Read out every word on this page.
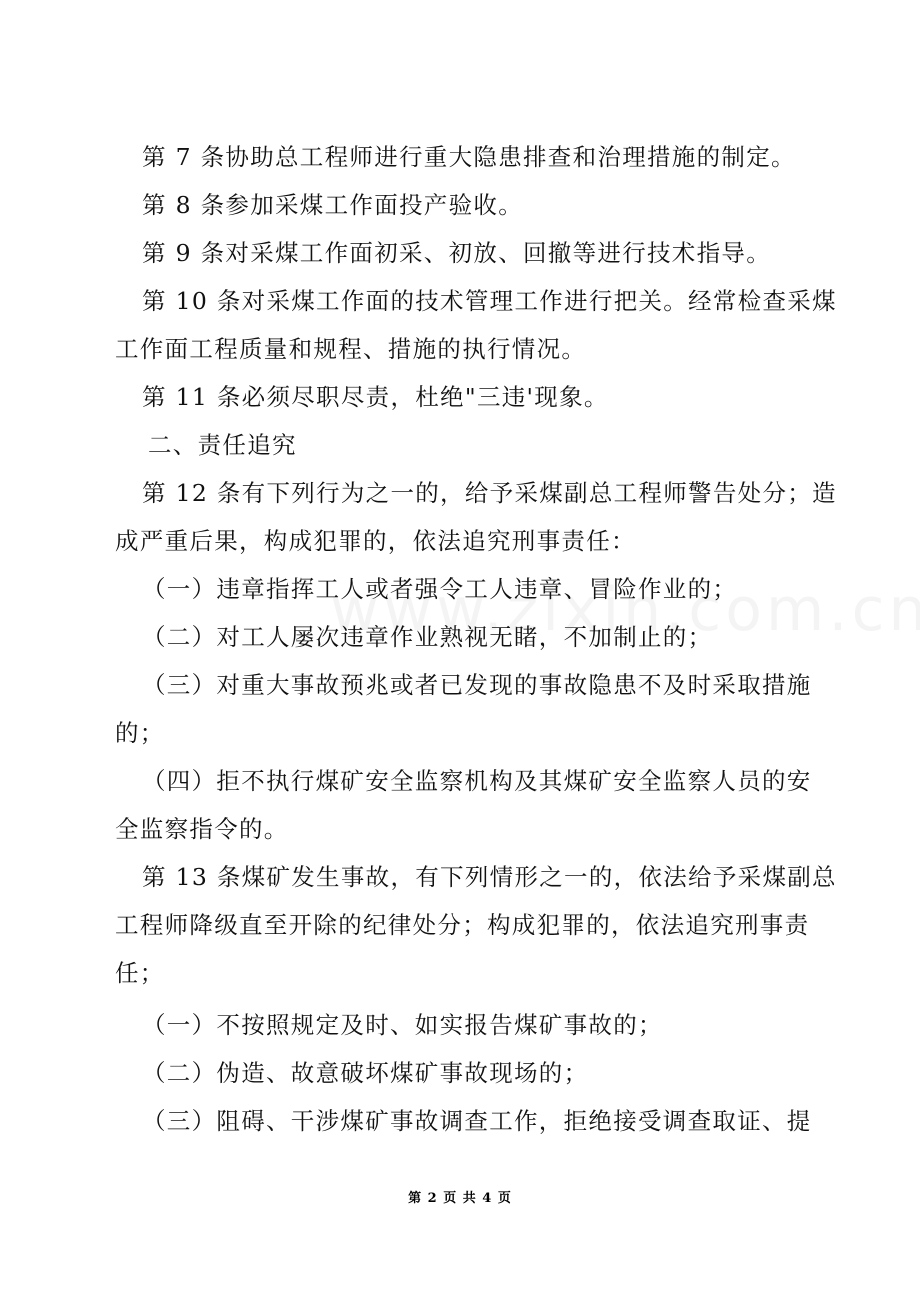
第 7 条协助总工程师进行重大隐患排查和治理措施的制定。
第 8 条参加采煤工作面投产验收。
第 9 条对采煤工作面初采、初放、回撤等进行技术指导。
第 10 条对采煤工作面的技术管理工作进行把关。经常检查采煤
工作面工程质量和规程、措施的执行情况。
第 11 条必须尽职尽责，杜绝"三违'现象。
二、责任追究
第 12 条有下列行为之一的，给予采煤副总工程师警告处分；造
成严重后果，构成犯罪的，依法追究刑事责任：
（一）违章指挥工人或者强令工人违章、冒险作业的；
（二）对工人屡次违章作业熟视无睹，不加制止的；
（三）对重大事故预兆或者已发现的事故隐患不及时采取措施
的；
（四）拒不执行煤矿安全监察机构及其煤矿安全监察人员的安
全监察指令的。
第 13 条煤矿发生事故，有下列情形之一的，依法给予采煤副总
工程师降级直至开除的纪律处分；构成犯罪的，依法追究刑事责
任；
（一）不按照规定及时、如实报告煤矿事故的；
（二）伪造、故意破坏煤矿事故现场的；
（三）阻碍、干涉煤矿事故调查工作，拒绝接受调查取证、提
第 2 页 共 4 页
